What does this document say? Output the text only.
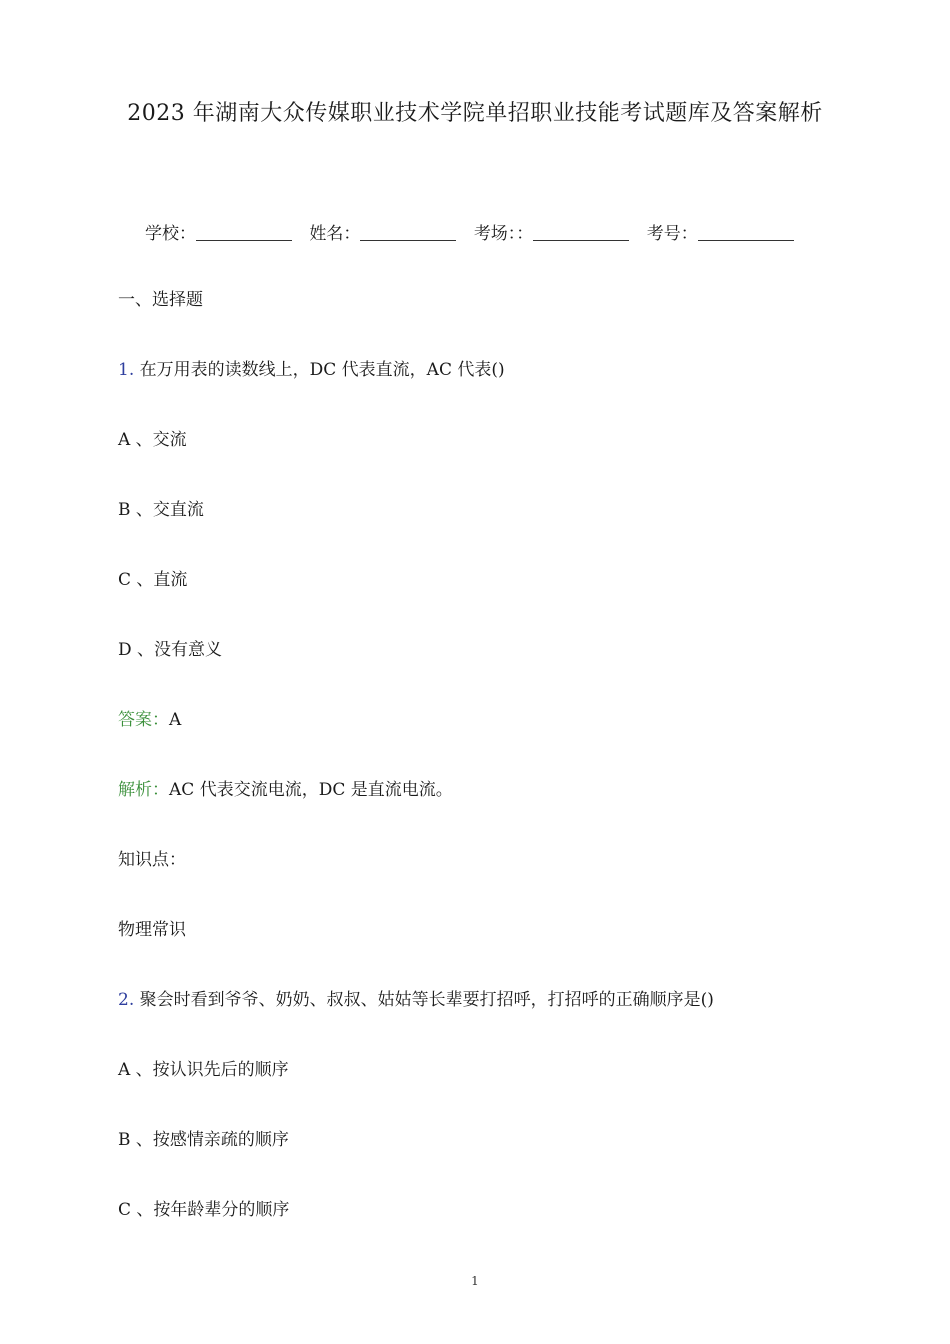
2023 年湖南大众传媒职业技术学院单招职业技能考试题库及答案解析
学校：	姓名：	考场：：	考号：

一、选择题

1. 在万用表的读数线上，DC 代表直流，AC 代表()

A 、交流

B 、交直流

C 、直流

D 、没有意义

答案：A

解析：AC 代表交流电流，DC 是直流电流。

知识点：

物理常识

2. 聚会时看到爷爷、奶奶、叔叔、姑姑等长辈要打招呼，打招呼的正确顺序是()

A 、按认识先后的顺序

B 、按感情亲疏的顺序

C 、按年龄辈分的顺序

1
